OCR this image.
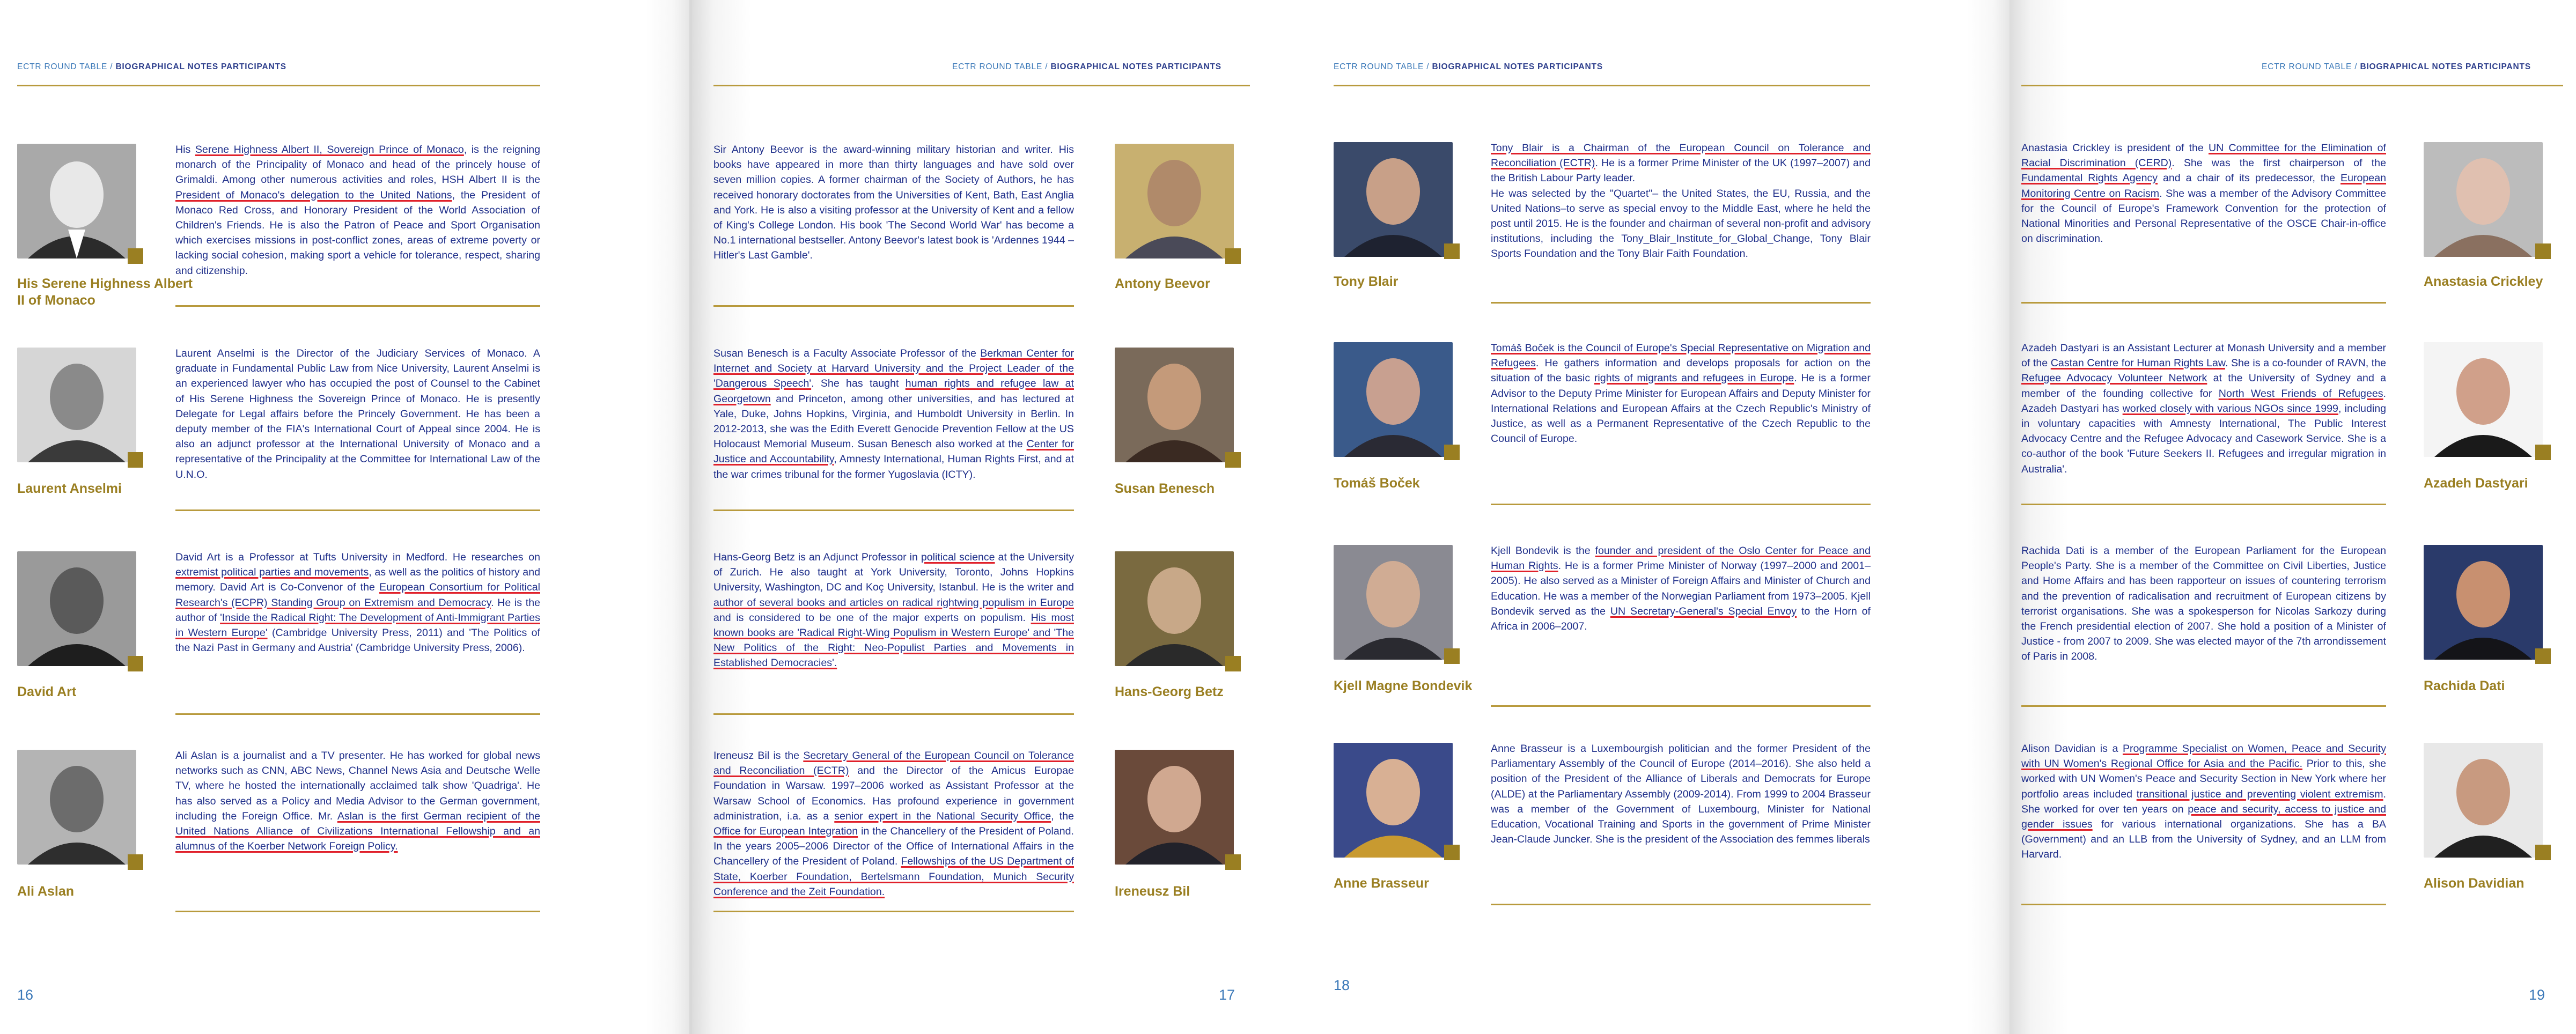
ECTR ROUND TABLE / BIOGRAPHICAL NOTES PARTICIPANTS
His Serene Highness Albert II of Monaco
His Serene Highness Albert II, Sovereign Prince of Monaco, is the reigning monarch of the Principality of Monaco and head of the princely house of Grimaldi. Among other numerous activities and roles, HSH Albert II is the President of Monaco's delegation to the United Nations, the President of Monaco Red Cross, and Honorary President of the World Association of Children's Friends. He is also the Patron of Peace and Sport Organisation which exercises missions in post-conflict zones, areas of extreme poverty or lacking social cohesion, making sport a vehicle for tolerance, respect, sharing and citizenship.
Laurent Anselmi
Laurent Anselmi is the Director of the Judiciary Services of Monaco. A graduate in Fundamental Public Law from Nice University, Laurent Anselmi is an experienced lawyer who has occupied the post of Counsel to the Cabinet of His Serene Highness the Sovereign Prince of Monaco. He is presently Delegate for Legal affairs before the Princely Government. He has been a deputy member of the FIA's International Court of Appeal since 2004. He is also an adjunct professor at the International University of Monaco and a representative of the Principality at the Committee for International Law of the U.N.O.
David Art
David Art is a Professor at Tufts University in Medford. He researches on extremist political parties and movements, as well as the politics of history and memory. David Art is Co-Convenor of the European Consortium for Political Research's (ECPR) Standing Group on Extremism and Democracy. He is the author of 'Inside the Radical Right: The Development of Anti-Immigrant Parties in Western Europe' (Cambridge University Press, 2011) and 'The Politics of the Nazi Past in Germany and Austria' (Cambridge University Press, 2006).
Ali Aslan
Ali Aslan is a journalist and a TV presenter. He has worked for global news networks such as CNN, ABC News, Channel News Asia and Deutsche Welle TV, where he hosted the internationally acclaimed talk show 'Quadriga'. He has also served as a Policy and Media Advisor to the German government, including the Foreign Office. Mr. Aslan is the first German recipient of the United Nations Alliance of Civilizations International Fellowship and an alumnus of the Koerber Network Foreign Policy.
16
ECTR ROUND TABLE / BIOGRAPHICAL NOTES PARTICIPANTS
Sir Antony Beevor is the award-winning military historian and writer. His books have appeared in more than thirty languages and have sold over seven million copies. A former chairman of the Society of Authors, he has received honorary doctorates from the Universities of Kent, Bath, East Anglia and York. He is also a visiting professor at the University of Kent and a fellow of King's College London. His book 'The Second World War' has become a No.1 international bestseller. Antony Beevor's latest book is 'Ardennes 1944 – Hitler's Last Gamble'.
Antony Beevor
Susan Benesch is a Faculty Associate Professor of the Berkman Center for Internet and Society at Harvard University and the Project Leader of the 'Dangerous Speech'. She has taught human rights and refugee law at Georgetown and Princeton, among other universities, and has lectured at Yale, Duke, Johns Hopkins, Virginia, and Humboldt University in Berlin. In 2012-2013, she was the Edith Everett Genocide Prevention Fellow at the US Holocaust Memorial Museum. Susan Benesch also worked at the Center for Justice and Accountability, Amnesty International, Human Rights First, and at the war crimes tribunal for the former Yugoslavia (ICTY).
Susan Benesch
Hans-Georg Betz is an Adjunct Professor in political science at the University of Zurich. He also taught at York University, Toronto, Johns Hopkins University, Washington, DC and Koç University, Istanbul. He is the writer and author of several books and articles on radical rightwing populism in Europe and is considered to be one of the major experts on populism. His most known books are 'Radical Right-Wing Populism in Western Europe' and 'The New Politics of the Right: Neo-Populist Parties and Movements in Established Democracies'.
Hans-Georg Betz
Ireneusz Bil is the Secretary General of the European Council on Tolerance and Reconciliation (ECTR) and the Director of the Amicus Europae Foundation in Warsaw. 1997–2006 worked as Assistant Professor at the Warsaw School of Economics. Has profound experience in government administration, i.a. as a senior expert in the National Security Office, the Office for European Integration in the Chancellery of the President of Poland. In the years 2005–2006 Director of the Office of International Affairs in the Chancellery of the President of Poland. Fellowships of the US Department of State, Koerber Foundation, Bertelsmann Foundation, Munich Security Conference and the Zeit Foundation.	Ireneusz Bil
17
ECTR ROUND TABLE / BIOGRAPHICAL NOTES PARTICIPANTS
Tony Blair
Tony Blair is a Chairman of the European Council on Tolerance and Reconciliation (ECTR). He is a former Prime Minister of the UK (1997–2007) and the British Labour Party leader.
He was selected by the "Quartet"– the United States, the EU, Russia, and the United Nations–to serve as special envoy to the Middle East, where he held the post until 2015. He is the founder and chairman of several non-profit and advisory institutions, including the Tony_Blair_Institute_for_Global_Change, Tony Blair Sports Foundation and the Tony Blair Faith Foundation.
Tomáš Boček
Tomáš Boček is the Council of Europe's Special Representative on Migration and Refugees. He gathers information and develops proposals for action on the situation of the basic rights of migrants and refugees in Europe. He is a former Advisor to the Deputy Prime Minister for European Affairs and Deputy Minister for International Relations and European Affairs at the Czech Republic's Ministry of Justice, as well as a Permanent Representative of the Czech Republic to the Council of Europe.
Kjell Magne Bondevik
Kjell Bondevik is the founder and president of the Oslo Center for Peace and Human Rights. He is a former Prime Minister of Norway (1997–2000 and 2001–2005). He also served as a Minister of Foreign Affairs and Minister of Church and Education. He was a member of the Norwegian Parliament from 1973–2005. Kjell Bondevik served as the UN Secretary-General's Special Envoy to the Horn of Africa in 2006–2007.
Anne Brasseur
Anne Brasseur is a Luxembourgish politician and the former President of the Parliamentary Assembly of the Council of Europe (2014–2016). She also held a position of the President of the Alliance of Liberals and Democrats for Europe (ALDE) at the Parliamentary Assembly (2009-2014). From 1999 to 2004 Brasseur was a member of the Government of Luxembourg, Minister for National Education, Vocational Training and Sports in the government of Prime Minister Jean-Claude Juncker. She is the president of the Association des femmes liberals
18
ECTR ROUND TABLE / BIOGRAPHICAL NOTES PARTICIPANTS
Anastasia Crickley is president of the UN Committee for the Elimination of Racial Discrimination (CERD). She was the first chairperson of the Fundamental Rights Agency and a chair of its predecessor, the European Monitoring Centre on Racism. She was a member of the Advisory Committee for the Council of Europe's Framework Convention for the protection of National Minorities and Personal Representative of the OSCE Chair-in-office on discrimination.
Anastasia Crickley
Azadeh Dastyari is an Assistant Lecturer at Monash University and a member of the Castan Centre for Human Rights Law. She is a co-founder of RAVN, the Refugee Advocacy Volunteer Network at the University of Sydney and a member of the founding collective for North West Friends of Refugees. Azadeh Dastyari has worked closely with various NGOs since 1999, including in voluntary capacities with Amnesty International, The Public Interest Advocacy Centre and the Refugee Advocacy and Casework Service. She is a co-author of the book 'Future Seekers II. Refugees and irregular migration in Australia'.
Azadeh Dastyari
Rachida Dati is a member of the European Parliament for the European People's Party. She is a member of the Committee on Civil Liberties, Justice and Home Affairs and has been rapporteur on issues of countering terrorism and the prevention of radicalisation and recruitment of European citizens by terrorist organisations. She was a spokesperson for Nicolas Sarkozy during the French presidential election of 2007. She hold a position of a Minister of Justice - from 2007 to 2009. She was elected mayor of the 7th arrondissement of Paris in 2008.
Rachida Dati
Alison Davidian is a Programme Specialist on Women, Peace and Security with UN Women's Regional Office for Asia and the Pacific. Prior to this, she worked with UN Women's Peace and Security Section in New York where her portfolio areas included transitional justice and preventing violent extremism. She worked for over ten years on peace and security, access to justice and gender issues for various international organizations. She has a BA (Government) and an LLB from the University of Sydney, and an LLM from Harvard.
Alison Davidian
19
